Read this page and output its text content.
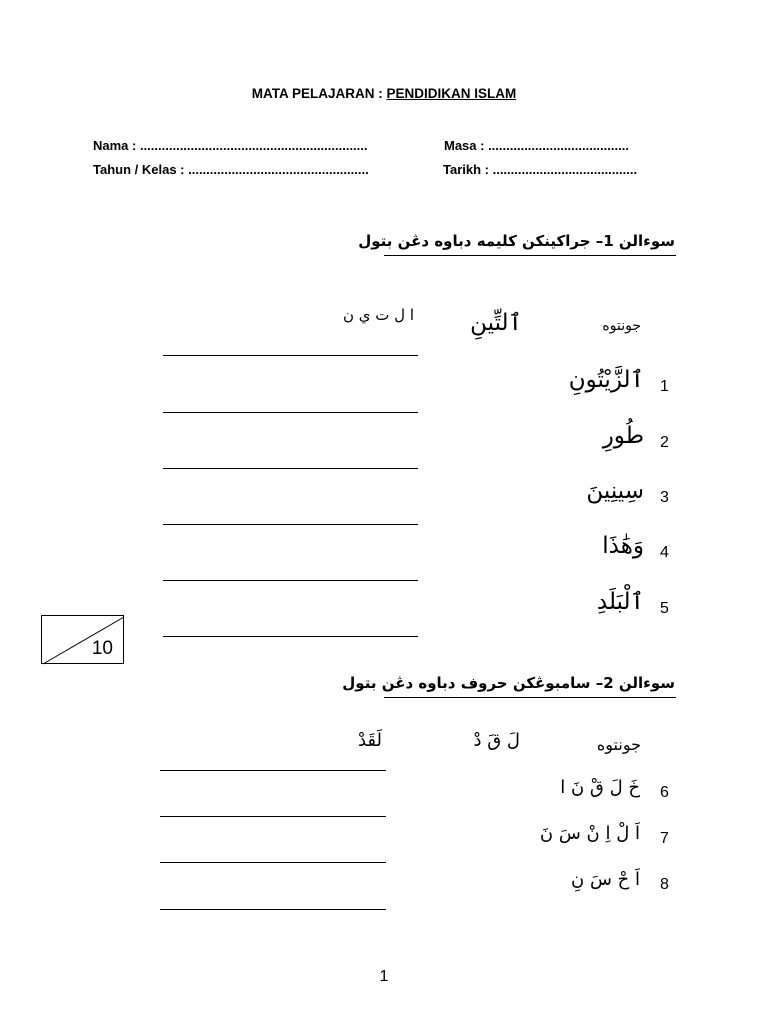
MATA PELAJARAN : PENDIDIKAN ISLAM
Nama : ...............................................................	Masa : .......................................
Tahun / Kelas : ..................................................	Tarikh : ........................................
سوءالن 1– جراكينكن كليمه دباوه دڠن بتول
جونتوه
ٱلتِّينِ
ا ل ت ي ن
1
ٱلزَّيْتُونِ
2
طُورِ
3
سِينِينَ
4
وَهَٰذَا
5
ٱلْبَلَدِ
10
سوءالن 2– سامبوڠكن حروف دباوه دڠن بتول
جونتوه
لَ قَ دْ
لَقَدْ
6
خَ لَ قْ نَ ا
7
اَ لْ اِ نْ سَ نَ
8
اَ حْ سَ نِ
1
